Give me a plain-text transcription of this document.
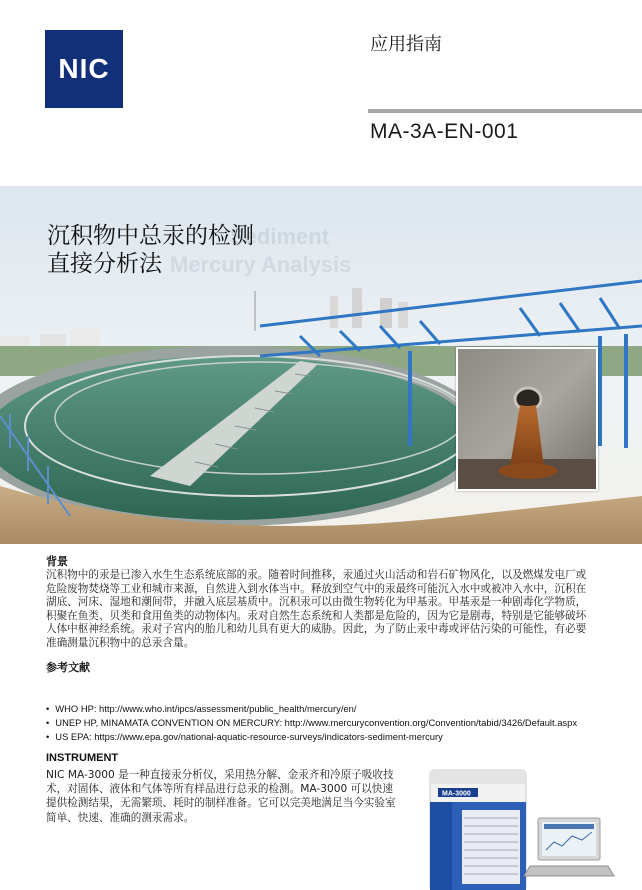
NIC
应用指南
MA-3A-EN-001
Sediment
Mercury Analysis
沉积物中总汞的检测
直接分析法
背景
沉积物中的汞是已渗入水生生态系统底部的汞。随着时间推移，汞通过火山活动和岩石矿物风化，以及燃煤发电厂或危险废物焚烧等工业和城市来源，自然进入到水体当中。释放到空气中的汞最终可能沉入水中或被冲入水中，沉积在湖底、河床、湿地和潮间带，并融入底层基质中。沉积汞可以由微生物转化为甲基汞。甲基汞是一种剧毒化学物质，积聚在鱼类、贝类和食用鱼类的动物体内。汞对自然生态系统和人类都是危险的，因为它是剧毒，特别是它能够破坏人体中枢神经系统。汞对子宫内的胎儿和幼儿具有更大的威胁。因此，为了防止汞中毒或评估污染的可能性，有必要准确测量沉积物中的总汞含量。
参考文献
• WHO HP: http://www.who.int/ipcs/assessment/public_health/mercury/en/
• UNEP HP, MINAMATA CONVENTION ON MERCURY: http://www.mercuryconvention.org/Convention/tabid/3426/Default.aspx
• US EPA: https://www.epa.gov/national-aquatic-resource-surveys/indicators-sediment-mercury
INSTRUMENT
NIC MA-3000 是一种直接汞分析仪，采用热分解、金汞齐和冷原子吸收技术，对固体、液体和气体等所有样品进行总汞的检测。MA-3000 可以快速提供检测结果，无需繁琐、耗时的制样准备。它可以完美地满足当今实验室简单、快速、准确的测汞需求。
MA-3000
